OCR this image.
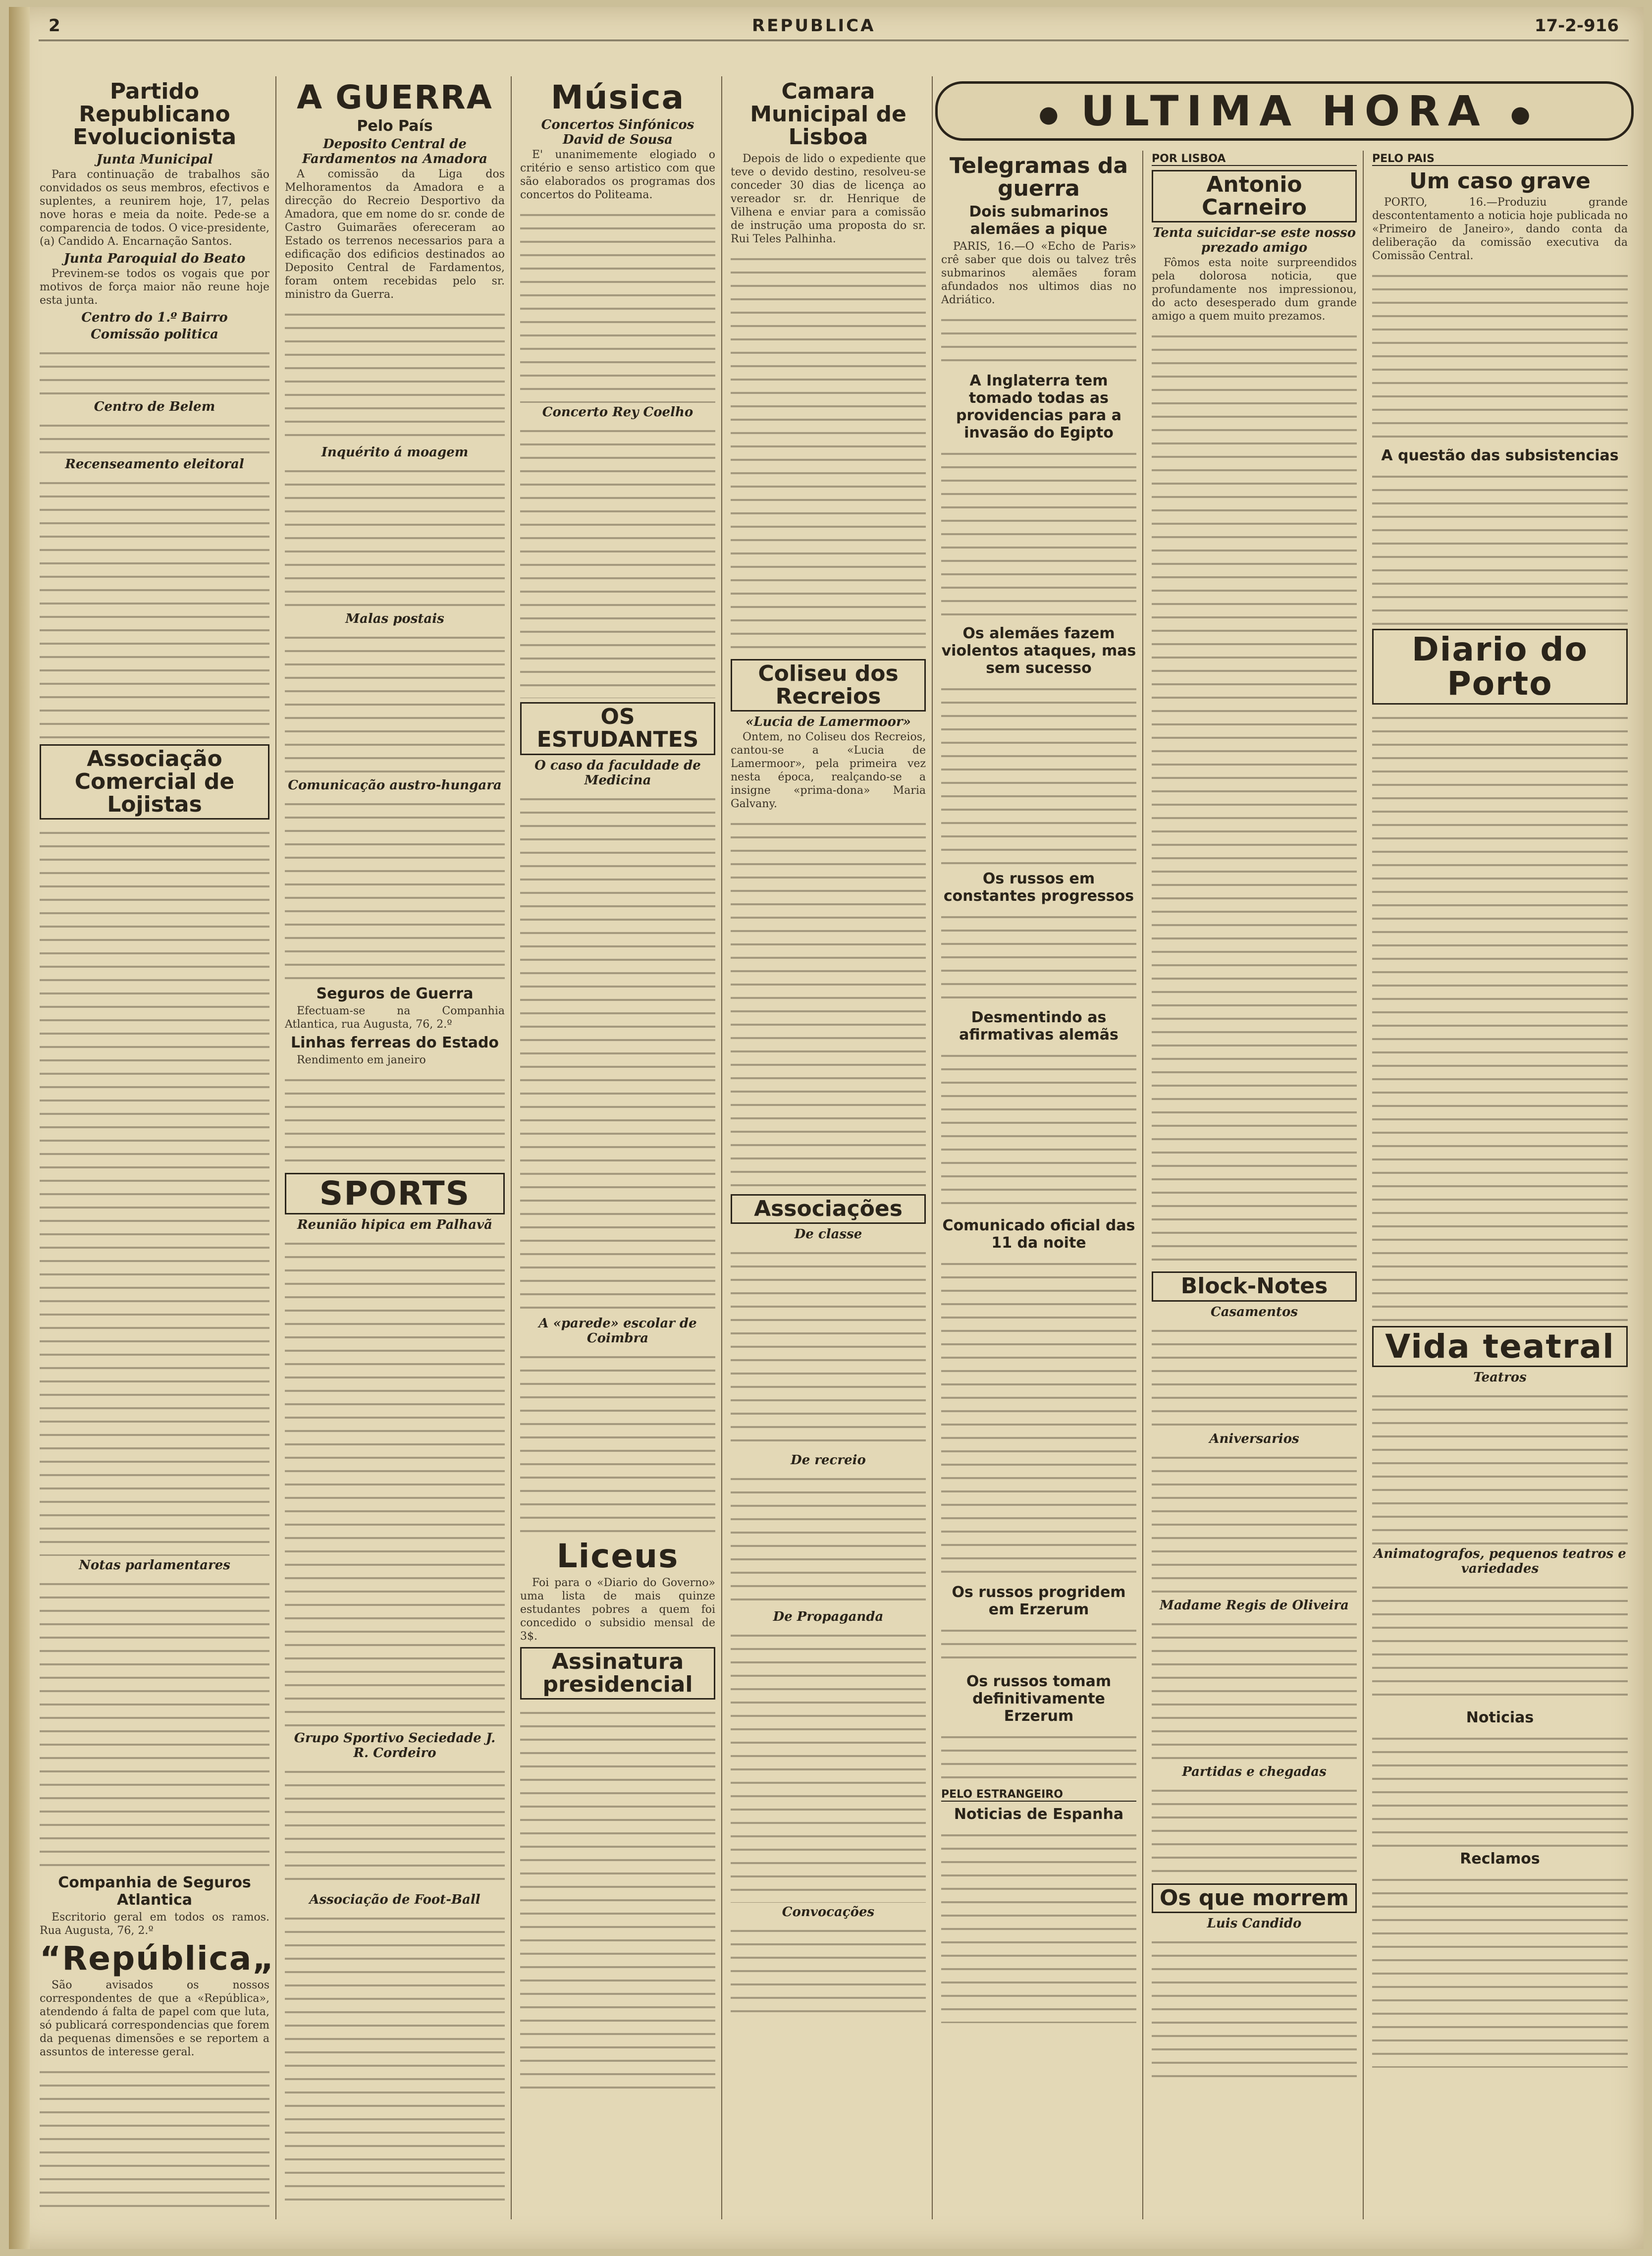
2	REPUBLICA	17-2-916
● ULTIMA HORA ●
Partido Republicano Evolucionista
Junta Municipal

Para continuação de trabalhos são convidados os seus membros, efectivos e suplentes, a reunirem hoje, 17, pelas nove horas e meia da noite. Pede-se a comparencia de todos. O vice-presidente, (a) Candido A. Encarnação Santos.

Junta Paroquial do Beato

Previnem-se todos os vogais que por motivos de força maior não reune hoje esta junta.

Centro do 1.º Bairro
Comissão politica
Centro de Belem
Recenseamento eleitoral
Associação Comercial de Lojistas
Notas parlamentares
Companhia de Seguros Atlantica

Escritorio geral em todos os ramos. Rua Augusta, 76, 2.º

“República„

São avisados os nossos correspondentes de que a «República», atendendo á falta de papel com que luta, só publicará correspondencias que forem da pequenas dimensões e se reportem a assuntos de interesse geral.

A GUERRA
Pelo País
Deposito Central de Fardamentos na Amadora

A comissão da Liga dos Melhoramentos da Amadora e a direcção do Recreio Desportivo da Amadora, que em nome do sr. conde de Castro Guimarães ofereceram ao Estado os terrenos necessarios para a edificação dos edificios destinados ao Deposito Central de Fardamentos, foram ontem recebidas pelo sr. ministro da Guerra.

Inquérito á moagem
Malas postais
Comunicação austro-hungara
Seguros de Guerra

Efectuam-se na Companhia Atlantica, rua Augusta, 76, 2.º

Linhas ferreas do Estado

Rendimento em janeiro

SPORTS
Reunião hipica em Palhavã
Grupo Sportivo Seciedade J. R. Cordeiro
Associação de Foot-Ball
Música
Concertos Sinfónicos David de Sousa

E' unanimemente elogiado o critério e senso artistico com que são elaborados os programas dos concertos do Politeama.

Concerto Rey Coelho
OS ESTUDANTES
O caso da faculdade de Medicina
A «parede» escolar de Coimbra
Liceus

Foi para o «Diario do Governo» uma lista de mais quinze estudantes pobres a quem foi concedido o subsidio mensal de 3$.

Assinatura presidencial
Camara Municipal de Lisboa

Depois de lido o expediente que teve o devido destino, resolveu-se conceder 30 dias de licença ao vereador sr. dr. Henrique de Vilhena e enviar para a comissão de instrução uma proposta do sr. Rui Teles Palhinha.

Coliseu dos Recreios
«Lucia de Lamermoor»

Ontem, no Coliseu dos Recreios, cantou-se a «Lucia de Lamermoor», pela primeira vez nesta época, realçando-se a insigne «prima-dona» Maria Galvany.

Associações
De classe
De recreio
De Propaganda
Convocações
Telegramas da guerra
Dois submarinos alemães a pique

PARIS, 16.—O «Echo de Paris» crê saber que dois ou talvez três submarinos alemães foram afundados nos ultimos dias no Adriático.

A Inglaterra tem tomado todas as providencias para a invasão do Egipto
Os alemães fazem violentos ataques, mas sem sucesso
Os russos em constantes progressos
Desmentindo as afirmativas alemãs
Comunicado oficial das 11 da noite
Os russos progridem em Erzerum
Os russos tomam definitivamente Erzerum
PELO ESTRANGEIRO
Noticias de Espanha
POR LISBOA
Antonio Carneiro
Tenta suicidar-se este nosso prezado amigo

Fômos esta noite surpreendidos pela dolorosa noticia, que profundamente nos impressionou, do acto desesperado dum grande amigo a quem muito prezamos.

Block-Notes
Casamentos
Aniversarios
Madame Regis de Oliveira
Partidas e chegadas
Os que morrem
Luis Candido
PELO PAIS
Um caso grave

PORTO, 16.—Produziu grande descontentamento a noticia hoje publicada no «Primeiro de Janeiro», dando conta da deliberação da comissão executiva da Comissão Central.

A questão das subsistencias
Diario do Porto
Vida teatral
Teatros
Animatografos, pequenos teatros e variedades
Noticias
Reclamos
